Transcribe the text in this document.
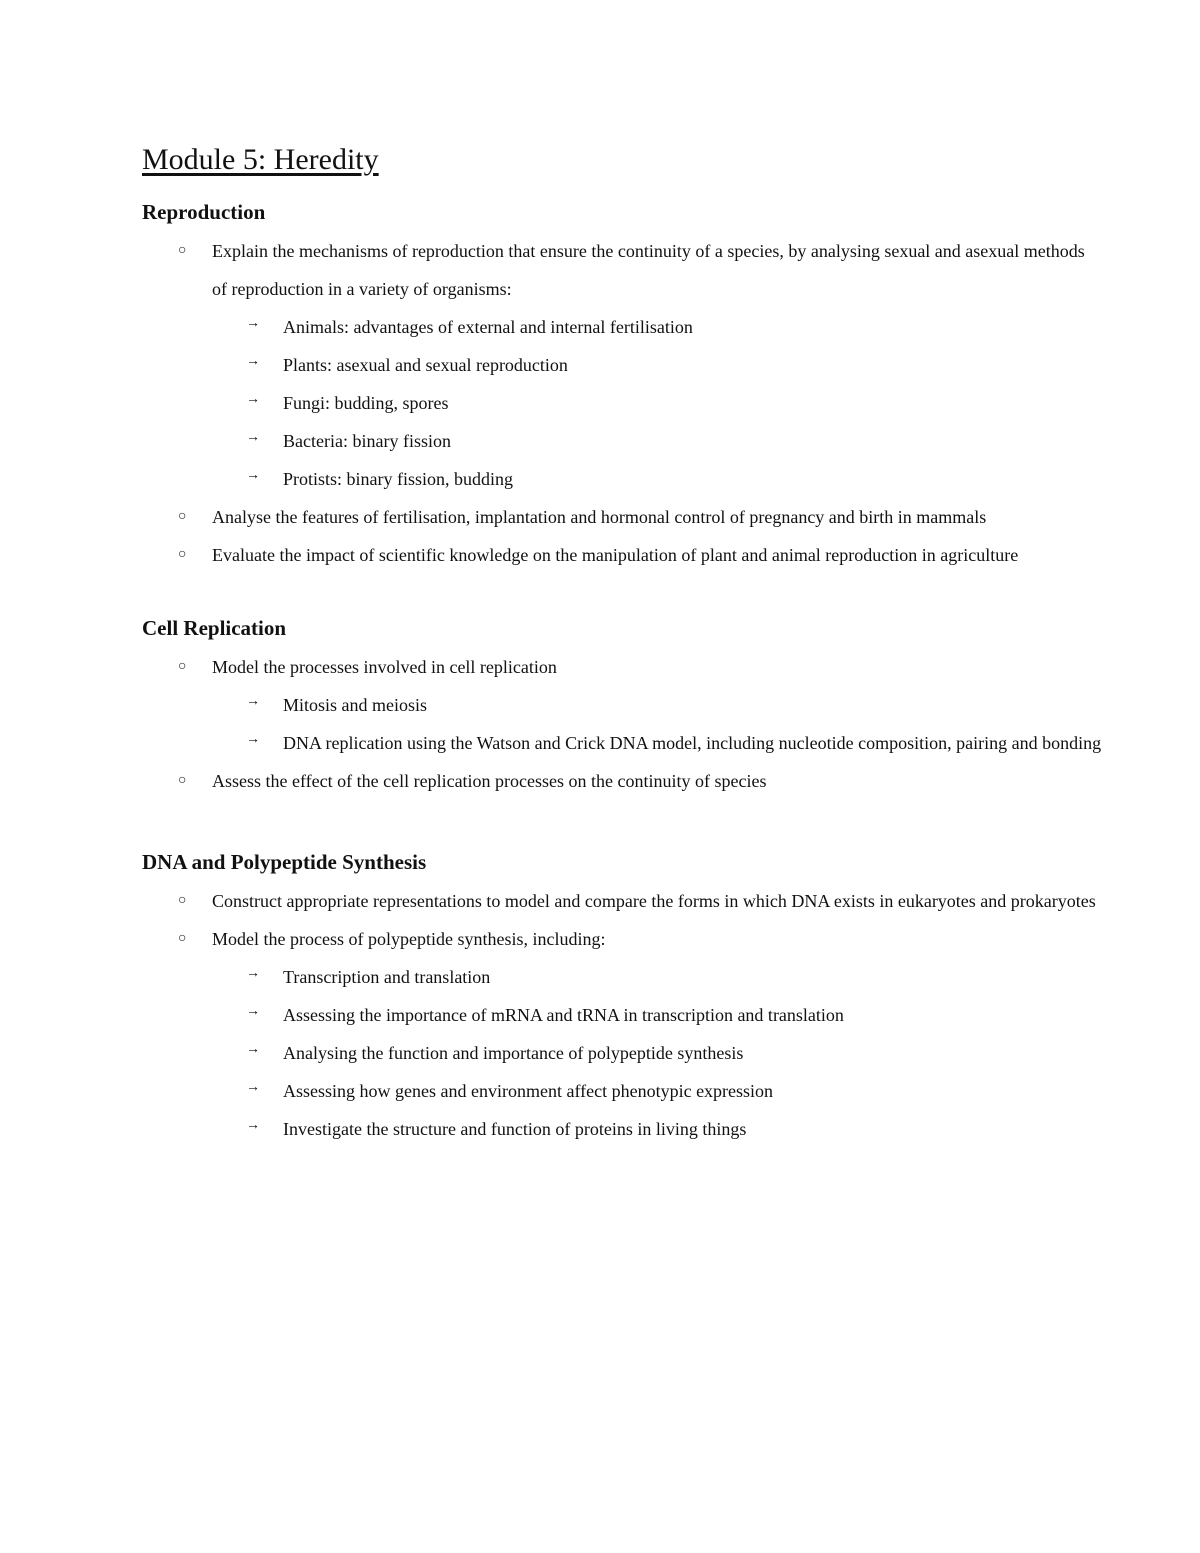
Module 5: Heredity
Reproduction
○ Explain the mechanisms of reproduction that ensure the continuity of a species, by analysing sexual and asexual methods of reproduction in a variety of organisms:
→ Animals: advantages of external and internal fertilisation
→ Plants: asexual and sexual reproduction
→ Fungi: budding, spores
→ Bacteria: binary fission
→ Protists: binary fission, budding
○ Analyse the features of fertilisation, implantation and hormonal control of pregnancy and birth in mammals
○ Evaluate the impact of scientific knowledge on the manipulation of plant and animal reproduction in agriculture
Cell Replication
○ Model the processes involved in cell replication
→ Mitosis and meiosis
→ DNA replication using the Watson and Crick DNA model, including nucleotide composition, pairing and bonding
○ Assess the effect of the cell replication processes on the continuity of species
DNA and Polypeptide Synthesis
○ Construct appropriate representations to model and compare the forms in which DNA exists in eukaryotes and prokaryotes
○ Model the process of polypeptide synthesis, including:
→ Transcription and translation
→ Assessing the importance of mRNA and tRNA in transcription and translation
→ Analysing the function and importance of polypeptide synthesis
→ Assessing how genes and environment affect phenotypic expression
→ Investigate the structure and function of proteins in living things
